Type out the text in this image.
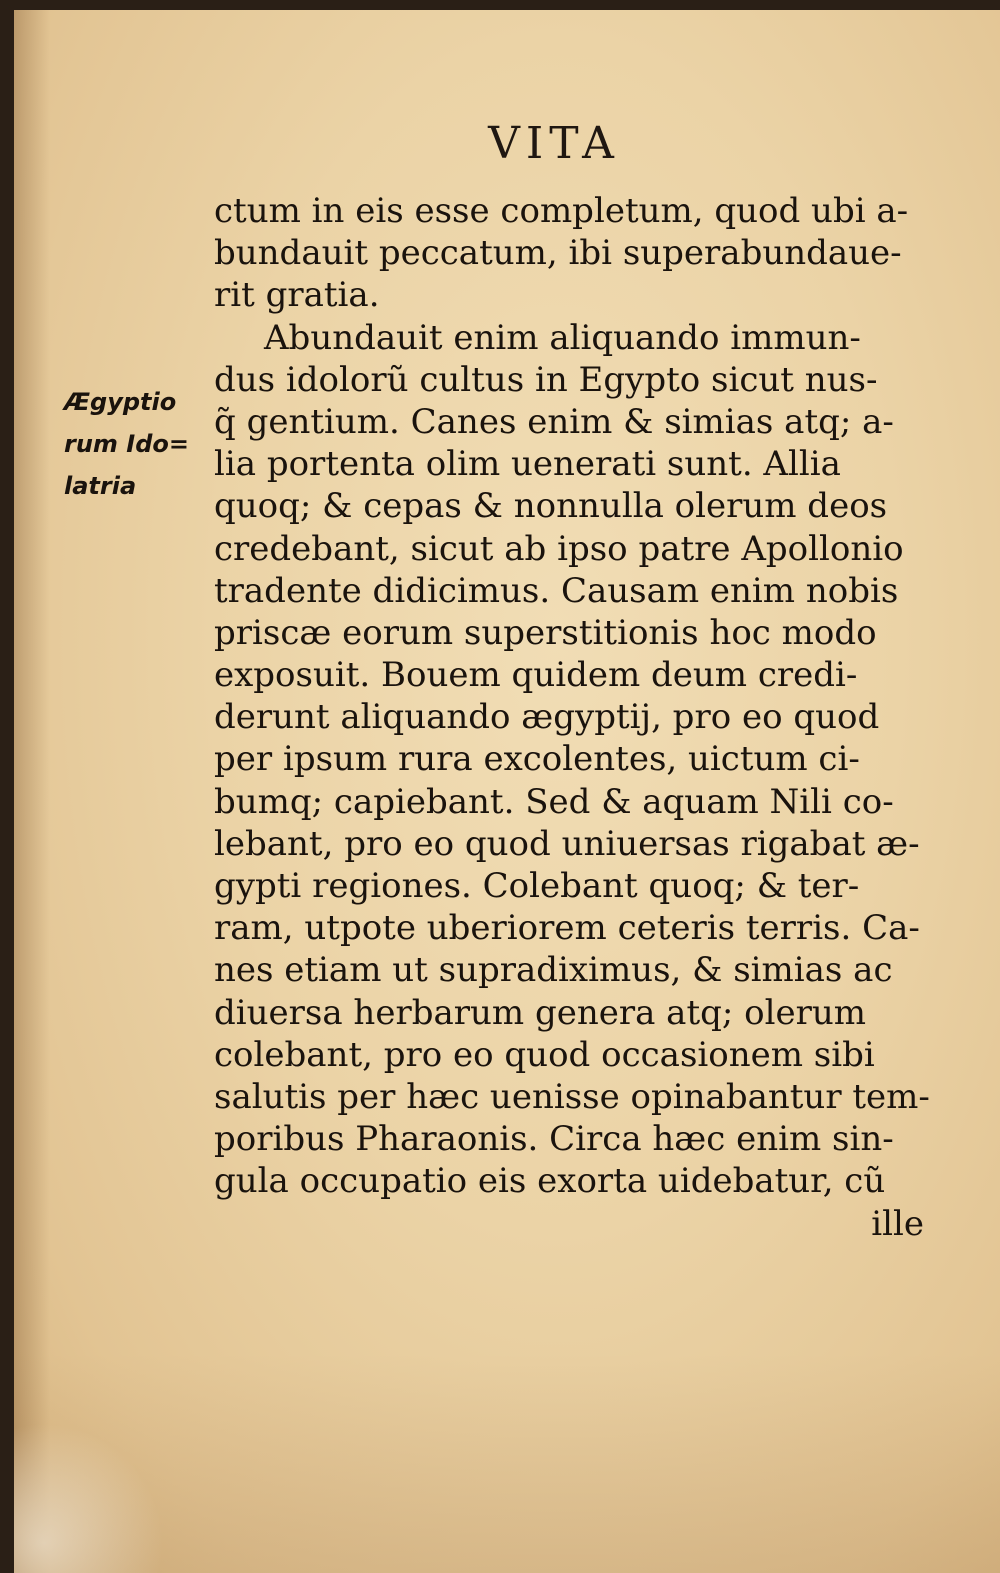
VITA
Ægyptio
rum Ido=
latria
ctum in eis esse completum, quod ubi a-
bundauit peccatum, ibi superabundaue-
rit gratia.
Abundauit enim aliquando immun-
dus idolorũ cultus in Egypto sicut nus-
q̃ gentium. Canes enim & simias atq; a-
lia portenta olim uenerati sunt. Allia
quoq; & cepas & nonnulla olerum deos
credebant, sicut ab ipso patre Apollonio
tradente didicimus. Causam enim nobis
priscæ eorum superstitionis hoc modo
exposuit. Bouem quidem deum credi-
derunt aliquando ægyptij, pro eo quod
per ipsum rura excolentes, uictum ci-
bumq; capiebant. Sed & aquam Nili co-
lebant, pro eo quod uniuersas rigabat æ-
gypti regiones. Colebant quoq; & ter-
ram, utpote uberiorem ceteris terris. Ca-
nes etiam ut supradiximus, & simias ac
diuersa herbarum genera atq; olerum
colebant, pro eo quod occasionem sibi
salutis per hæc uenisse opinabantur tem-
poribus Pharaonis. Circa hæc enim sin-
gula occupatio eis exorta uidebatur, cũ
ille
